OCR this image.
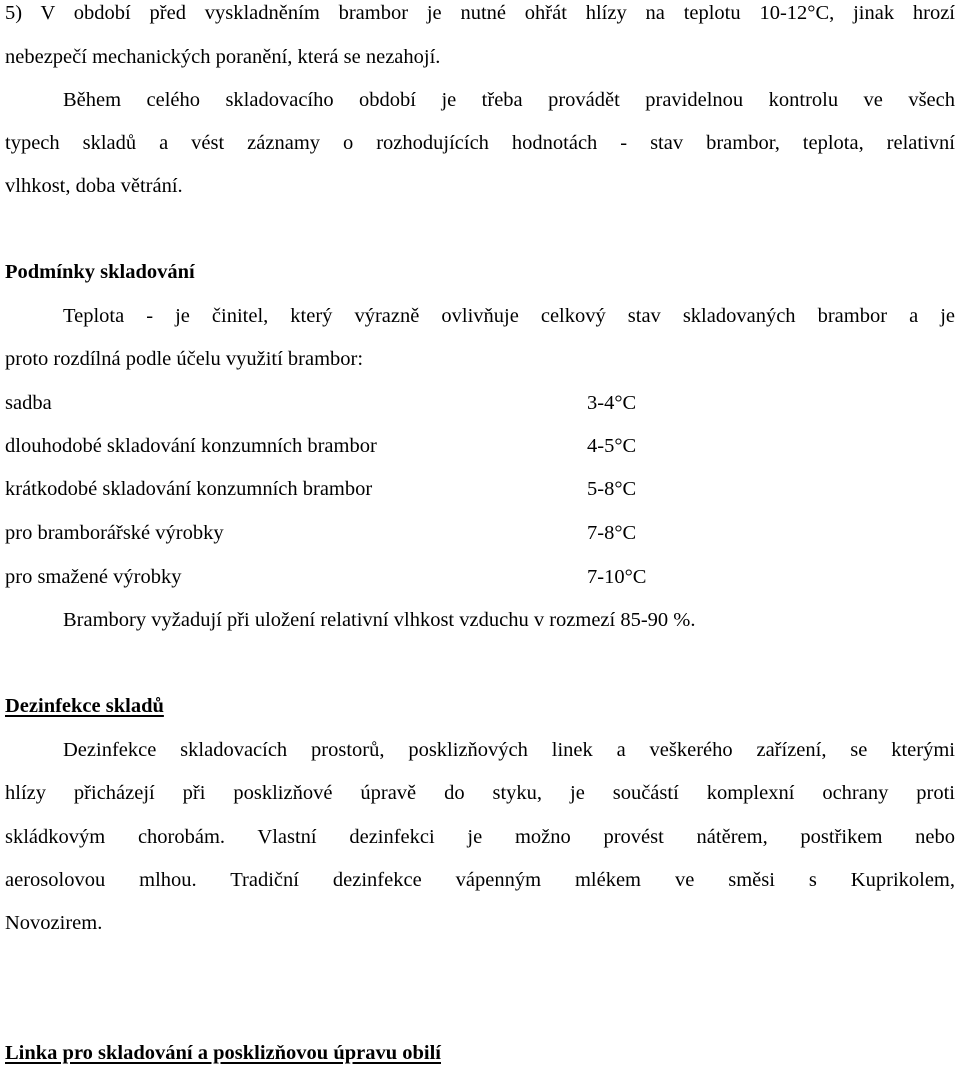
5) V období před vyskladněním brambor je nutné ohřát hlízy na teplotu 10-12°C, jinak hrozí
nebezpečí mechanických poranění, která se nezahojí.
Během celého skladovacího období je třeba provádět pravidelnou kontrolu ve všech
typech skladů a vést záznamy o rozhodujících hodnotách - stav brambor, teplota, relativní
vlhkost, doba větrání.
Podmínky skladování
Teplota - je činitel, který výrazně ovlivňuje celkový stav skladovaných brambor a je
proto rozdílná podle účelu využití brambor:
sadba	3-4°C
dlouhodobé skladování konzumních brambor	4-5°C
krátkodobé skladování konzumních brambor	5-8°C
pro bramborářské výrobky	7-8°C
pro smažené výrobky	7-10°C
Brambory vyžadují při uložení relativní vlhkost vzduchu v rozmezí 85-90 %.
Dezinfekce skladů
Dezinfekce skladovacích prostorů, posklizňových linek a veškerého zařízení, se kterými
hlízy přicházejí při posklizňové úpravě do styku, je součástí komplexní ochrany proti
skládkovým chorobám. Vlastní dezinfekci je možno provést nátěrem, postřikem nebo
aerosolovou mlhou. Tradiční dezinfekce vápenným mlékem ve směsi s Kuprikolem,
Novozirem.
Linka pro skladování a posklizňovou úpravu obilí
